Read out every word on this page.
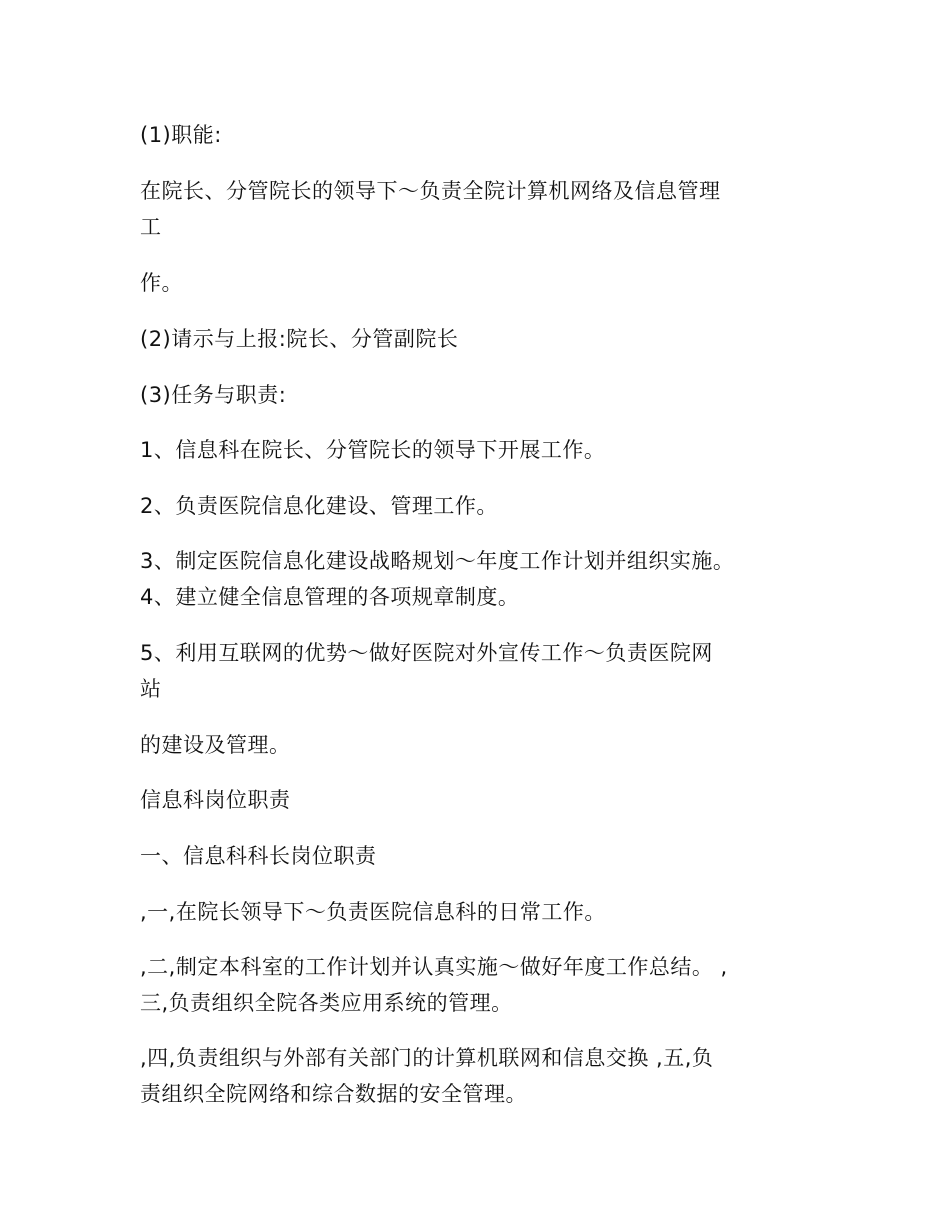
(1)职能:

在院长、分管院长的领导下～负责全院计算机网络及信息管理

工

作。

(2)请示与上报:院长、分管副院长

(3)任务与职责:

1、信息科在院长、分管院长的领导下开展工作。

2、负责医院信息化建设、管理工作。

3、制定医院信息化建设战略规划～年度工作计划并组织实施。

4、建立健全信息管理的各项规章制度。

5、利用互联网的优势～做好医院对外宣传工作～负责医院网

站

的建设及管理。

信息科岗位职责

一、信息科科长岗位职责

,一,在院长领导下～负责医院信息科的日常工作。

,二,制定本科室的工作计划并认真实施～做好年度工作总结。 ,

三,负责组织全院各类应用系统的管理。

,四,负责组织与外部有关部门的计算机联网和信息交换 ,五,负

责组织全院网络和综合数据的安全管理。
